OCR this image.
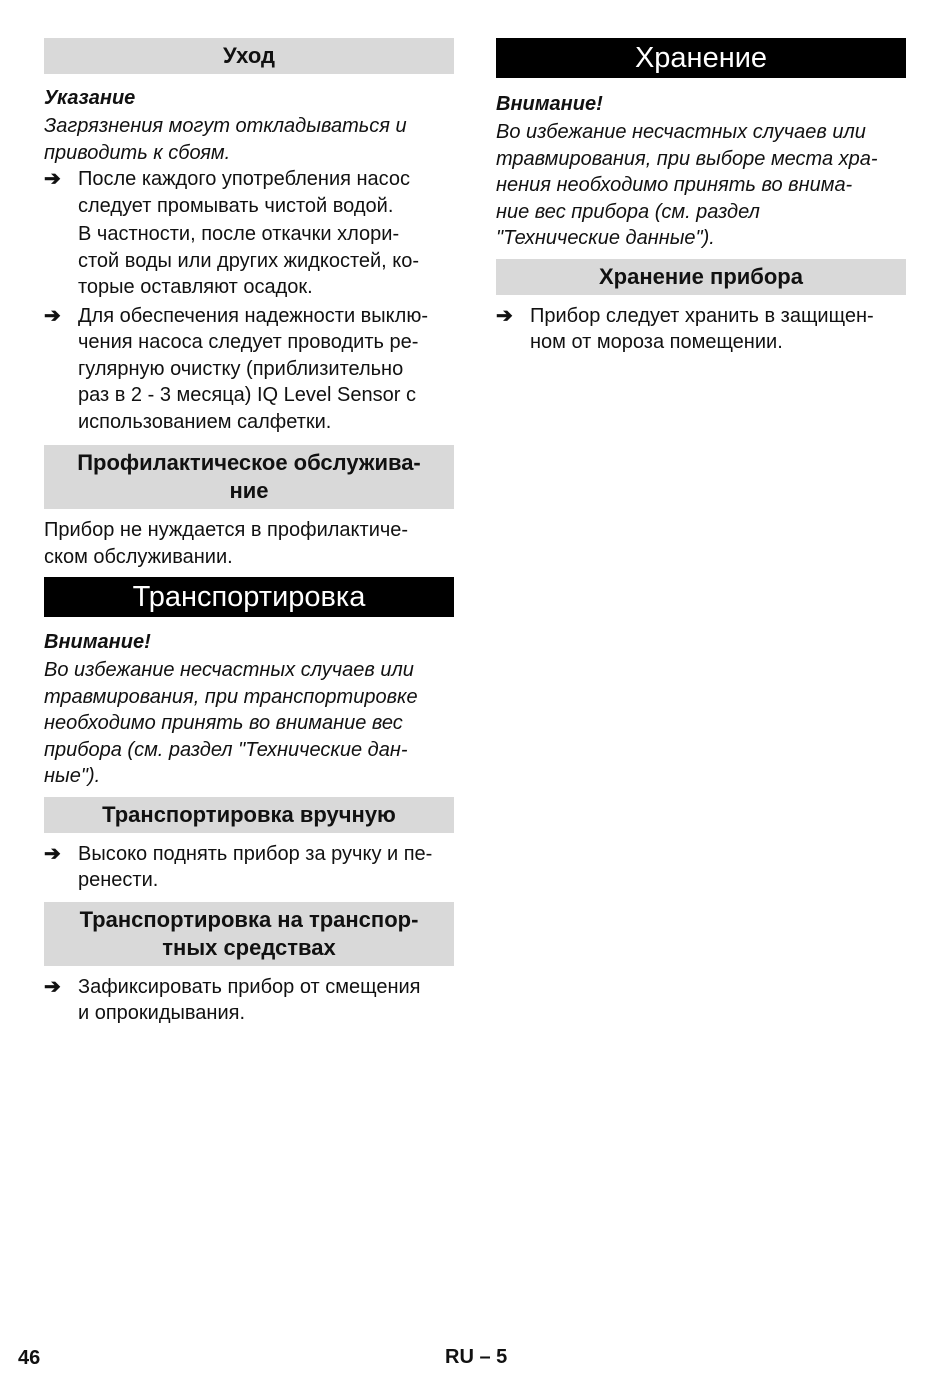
Уход

Указание

Загрязнения могут откладываться и

приводить к сбоям.

➔ После каждого употребления насос

следует промывать чистой водой.

В частности, после откачки хлори-

стой воды или других жидкостей, ко-

торые оставляют осадок.

➔ Для обеспечения надежности выклю-

чения насоса следует проводить ре-

гулярную очистку (приблизительно

раз в 2 - 3 месяца) IQ Level Sensor с

использованием салфетки.

Профилактическое обслужива-
ние

Прибор не нуждается в профилактиче-

ском обслуживании.

Транспортировка

Внимание!

Во избежание несчастных случаев или

травмирования, при транспортировке

необходимо принять во внимание вес

прибора (см. раздел "Технические дан-

ные").

Транспортировка вручную
➔ Высоко поднять прибор за ручку и пе-

ренести.

Транспортировка на транспор-
тных средствах
➔ Зафиксировать прибор от смещения

и опрокидывания.

Хранение

Внимание!

Во избежание несчастных случаев или

травмирования, при выборе места хра-

нения необходимо принять во внима-

ние вес прибора (см. раздел

"Технические данные").

Хранение прибора
➔ Прибор следует хранить в защищен-

ном от мороза помещении.

46	RU – 5
